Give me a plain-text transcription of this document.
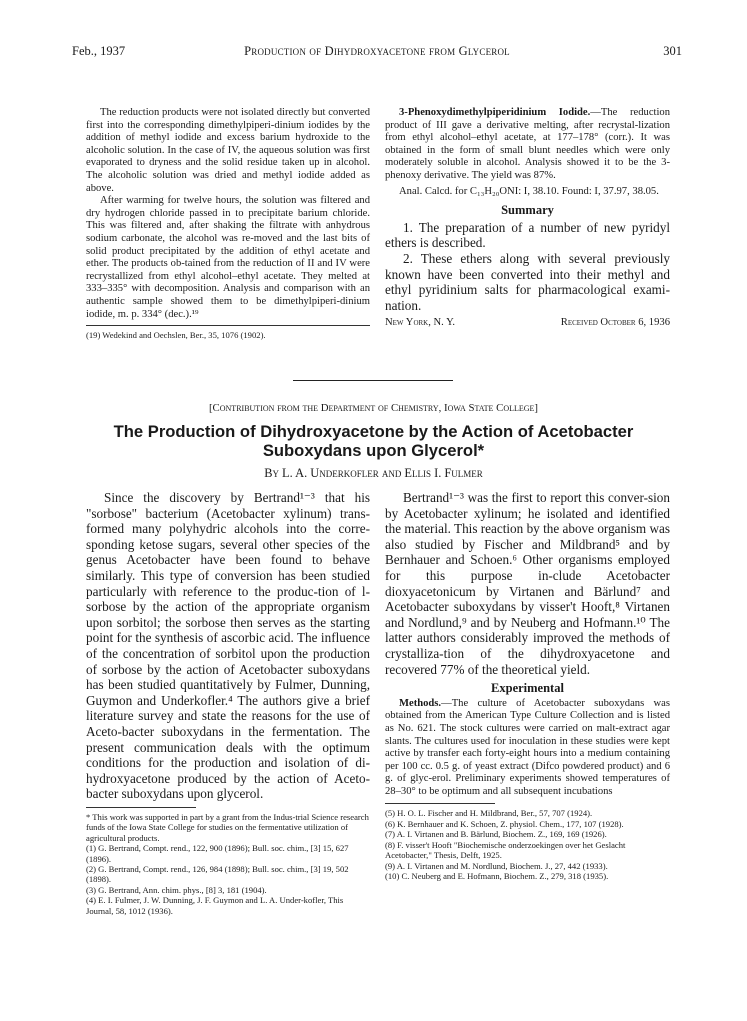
Feb., 1937	Production of Dihydroxyacetone from Glycerol	301

The reduction products were not isolated directly but converted first into the corresponding dimethylpiperi-dinium iodides by the addition of methyl iodide and excess barium hydroxide to the alcoholic solution. In the case of IV, the aqueous solution was first evaporated to dryness and the solid residue taken up in alcohol. The alcoholic solution was dried and methyl iodide added as above.

After warming for twelve hours, the solution was filtered and dry hydrogen chloride passed in to precipitate barium chloride. This was filtered and, after shaking the filtrate with anhydrous sodium carbonate, the alcohol was re-moved and the last bits of solid product precipitated by the addition of ethyl acetate and ether. The products ob-tained from the reduction of II and IV were recrystallized from ethyl alcohol–ethyl acetate. They melted at 333–335° with decomposition. Analysis and comparison with an authentic sample showed them to be dimethylpiperi-dinium iodide, m. p. 334° (dec.).¹⁹

(19) Wedekind and Oechslen, Ber., 35, 1076 (1902).

3-Phenoxydimethylpiperidinium Iodide.—The reduction product of III gave a derivative melting, after recrystal-lization from ethyl alcohol–ethyl acetate, at 177–178° (corr.). It was obtained in the form of small blunt needles which were only moderately soluble in alcohol. Analysis showed it to be the 3-phenoxy derivative. The yield was 87%.

Anal. Calcd. for C₁₃H₂₀ONI: I, 38.10. Found: I, 37.97, 38.05.

Summary

1. The preparation of a number of new pyridyl ethers is described.

2. These ethers along with several previously known have been converted into their methyl and ethyl pyridinium salts for pharmacological exami-nation.

New York, N. Y.	Received October 6, 1936
[Contribution from the Department of Chemistry, Iowa State College]
The Production of Dihydroxyacetone by the Action of Acetobacter Suboxydans upon Glycerol*
By L. A. Underkofler and Ellis I. Fulmer

Since the discovery by Bertrand¹⁻³ that his "sorbose" bacterium (Acetobacter xylinum) trans-formed many polyhydric alcohols into the corre-sponding ketose sugars, several other species of the genus Acetobacter have been found to behave similarly. This type of conversion has been studied particularly with reference to the produc-tion of l-sorbose by the action of the appropriate organism upon sorbitol; the sorbose then serves as the starting point for the synthesis of ascorbic acid. The influence of the concentration of sorbitol upon the production of sorbose by the action of Acetobacter suboxydans has been studied quantitatively by Fulmer, Dunning, Guymon and Underkofler.⁴ The authors give a brief literature survey and state the reasons for the use of Aceto-bacter suboxydans in the fermentation. The present communication deals with the optimum conditions for the production and isolation of di-hydroxyacetone produced by the action of Aceto-bacter suboxydans upon glycerol.

* This work was supported in part by a grant from the Indus-trial Science research funds of the Iowa State College for studies on the fermentative utilization of agricultural products.
(1) G. Bertrand, Compt. rend., 122, 900 (1896); Bull. soc. chim., [3] 15, 627 (1896).
(2) G. Bertrand, Compt. rend., 126, 984 (1898); Bull. soc. chim., [3] 19, 502 (1898).
(3) G. Bertrand, Ann. chim. phys., [8] 3, 181 (1904).
(4) E. I. Fulmer, J. W. Dunning, J. F. Guymon and L. A. Under-kofler, This Journal, 58, 1012 (1936).

Bertrand¹⁻³ was the first to report this conver-sion by Acetobacter xylinum; he isolated and identified the material. This reaction by the above organism was also studied by Fischer and Mildbrand⁵ and by Bernhauer and Schoen.⁶ Other organisms employed for this purpose in-clude Acetobacter dioxyacetonicum by Virtanen and Bärlund⁷ and Acetobacter suboxydans by visser't Hooft,⁸ Virtanen and Nordlund,⁹ and by Neuberg and Hofmann.¹⁰ The latter authors considerably improved the methods of crystalliza-tion of the dihydroxyacetone and recovered 77% of the theoretical yield.

Experimental

Methods.—The culture of Acetobacter suboxydans was obtained from the American Type Culture Collection and is listed as No. 621. The stock cultures were carried on malt-extract agar slants. The cultures used for inoculation in these studies were kept active by transfer each forty-eight hours into a medium containing per 100 cc. 0.5 g. of yeast extract (Difco powdered product) and 6 g. of glyc-erol. Preliminary experiments showed temperatures of 28–30° to be optimum and all subsequent incubations

(5) H. O. L. Fischer and H. Mildbrand, Ber., 57, 707 (1924).
(6) K. Bernhauer and K. Schoen, Z. physiol. Chem., 177, 107 (1928).
(7) A. I. Virtanen and B. Bärlund, Biochem. Z., 169, 169 (1926).
(8) F. visser't Hooft "Biochemische onderzoekingen over het Geslacht Acetobacter," Thesis, Delft, 1925.
(9) A. I. Virtanen and M. Nordlund, Biochem. J., 27, 442 (1933).
(10) C. Neuberg and E. Hofmann, Biochem. Z., 279, 318 (1935).
